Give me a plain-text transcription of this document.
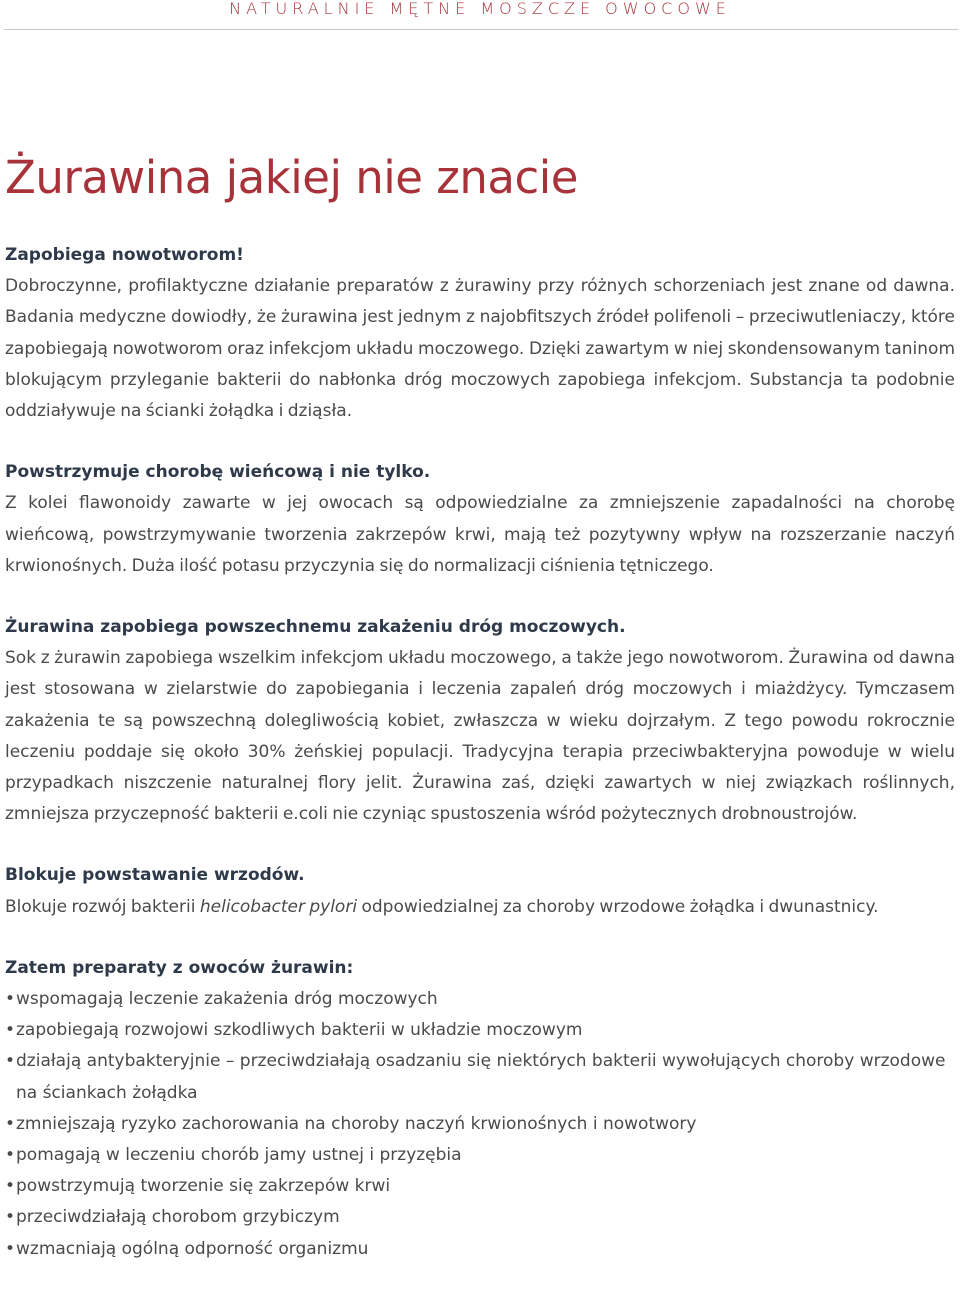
NATURALNIE MĘTNE MOSZCZE OWOCOWE
Żurawina jakiej nie znacie
Zapobiega nowotworom!

Dobroczynne, profilaktyczne działanie preparatów z żurawiny przy różnych schorzeniach jest znane od dawna. Badania medyczne dowiodły, że żurawina jest jednym z najobfitszych źródeł polifenoli – przeciwutleniaczy, które zapobiegają nowotworom oraz infekcjom układu moczowego. Dzięki zawartym w niej skondensowanym taninom blokującym przyleganie bakterii do nabłonka dróg moczowych zapobiega infekcjom. Substancja ta podobnie oddziaływuje na ścianki żołądka i dziąsła.

Powstrzymuje chorobę wieńcową i nie tylko.

Z kolei flawonoidy zawarte w jej owocach są odpowiedzialne za zmniejszenie zapadalności na chorobę wieńcową, powstrzymywanie tworzenia zakrzepów krwi, mają też pozytywny wpływ na rozszerzanie naczyń krwionośnych. Duża ilość potasu przyczynia się do normalizacji ciśnienia tętniczego.

Żurawina zapobiega powszechnemu zakażeniu dróg moczowych.

Sok z żurawin zapobiega wszelkim infekcjom układu moczowego, a także jego nowotworom. Żurawina od dawna jest stosowana w zielarstwie do zapobiegania i leczenia zapaleń dróg moczowych i miażdżycy. Tymczasem zakażenia te są powszechną dolegliwością kobiet, zwłaszcza w wieku dojrzałym. Z tego powodu rokrocznie leczeniu poddaje się około 30% żeńskiej populacji. Tradycyjna terapia przeciwbakteryjna powoduje w wielu przypadkach niszczenie naturalnej flory jelit. Żurawina zaś, dzięki zawartych w niej związkach roślinnych, zmniejsza przyczepność bakterii e.coli nie czyniąc spustoszenia wśród pożytecznych drobnoustrojów.

Blokuje powstawanie wrzodów.

Blokuje rozwój bakterii helicobacter pylori odpowiedzialnej za choroby wrzodowe żołądka i dwunastnicy.

Zatem preparaty z owoców żurawin:
• wspomagają leczenie zakażenia dróg moczowych
• zapobiegają rozwojowi szkodliwych bakterii w układzie moczowym
• działają antybakteryjnie – przeciwdziałają osadzaniu się niektórych bakterii wywołujących choroby wrzodowe na ściankach żołądka
• zmniejszają ryzyko zachorowania na choroby naczyń krwionośnych i nowotwory
• pomagają w leczeniu chorób jamy ustnej i przyzębia
• powstrzymują tworzenie się zakrzepów krwi
• przeciwdziałają chorobom grzybiczym
• wzmacniają ogólną odporność organizmu
